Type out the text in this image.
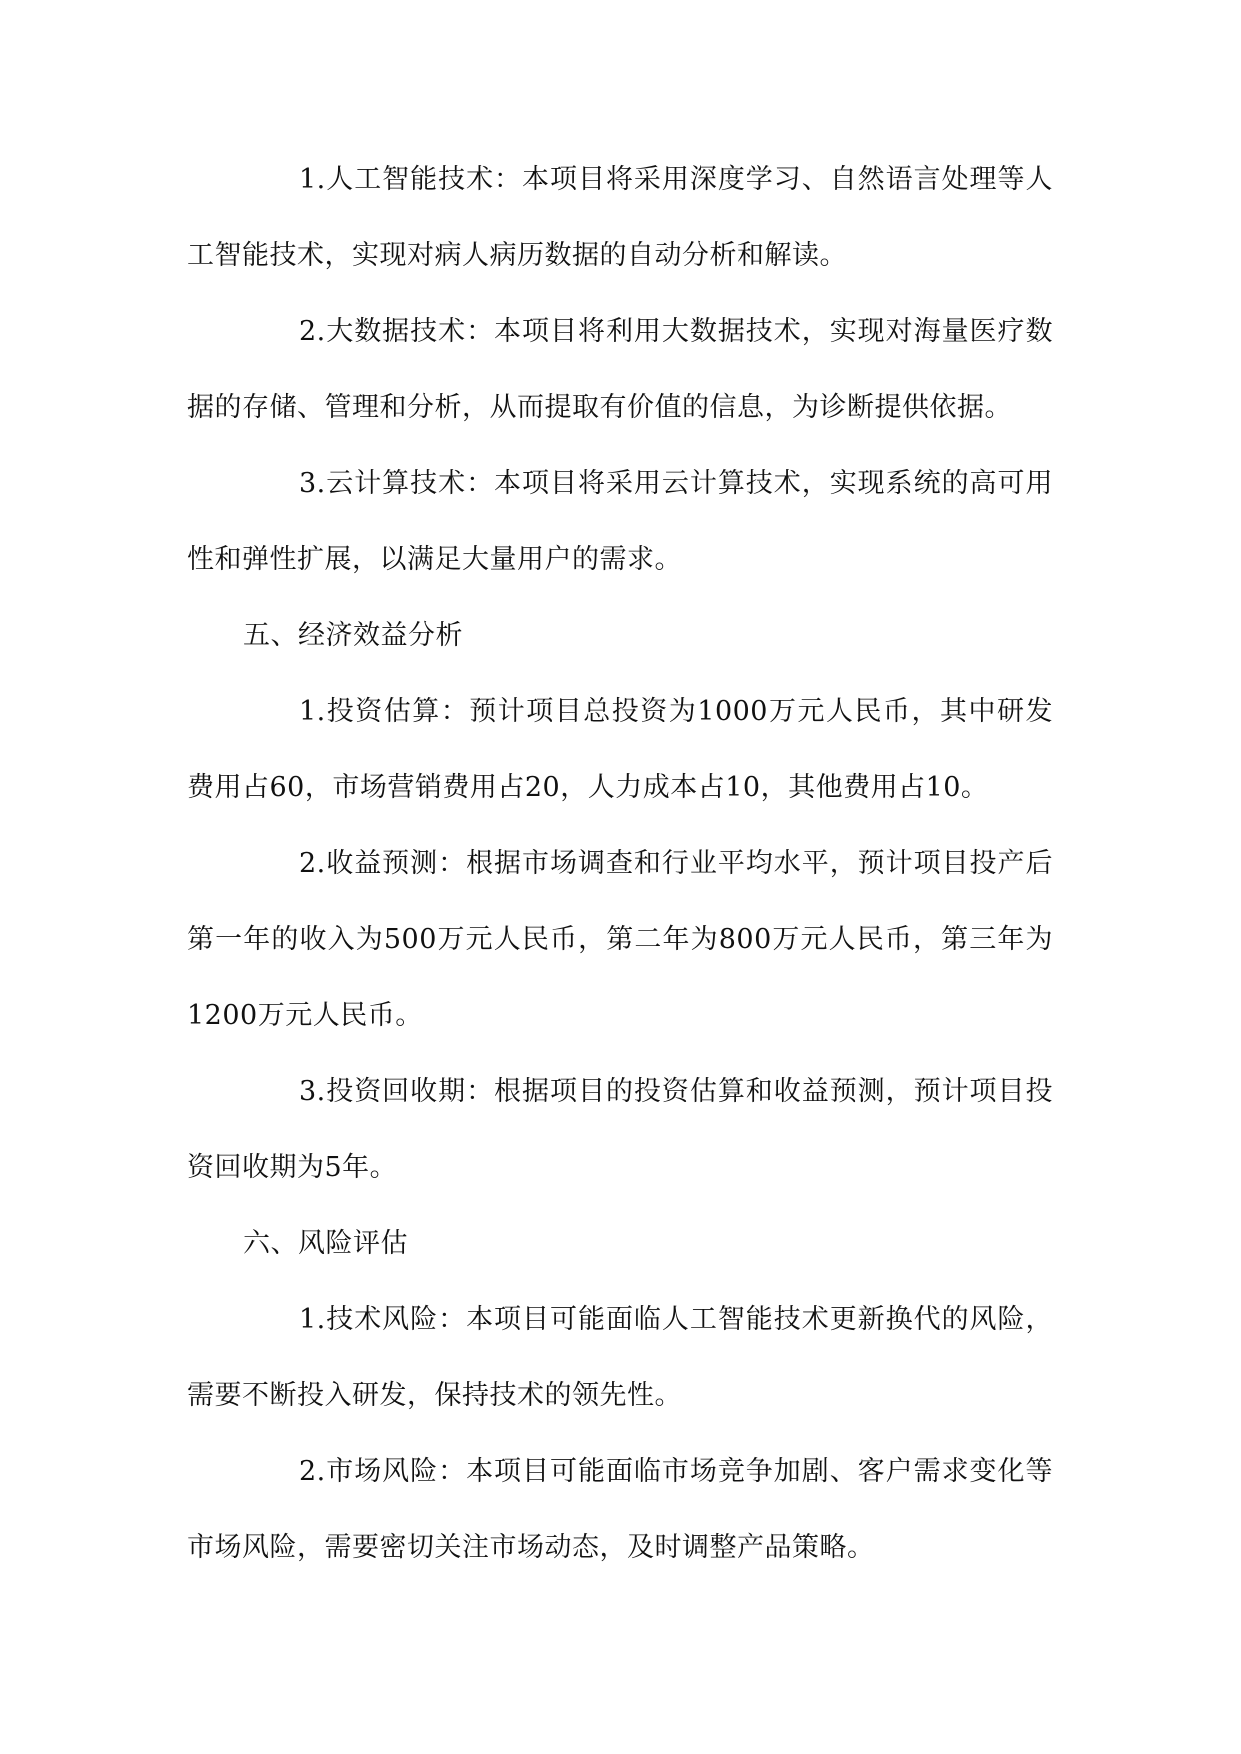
1.人工智能技术：本项目将采用深度学习、自然语言处理等人工智能技术，实现对病人病历数据的自动分析和解读。

2.大数据技术：本项目将利用大数据技术，实现对海量医疗数据的存储、管理和分析，从而提取有价值的信息，为诊断提供依据。

3.云计算技术：本项目将采用云计算技术，实现系统的高可用性和弹性扩展，以满足大量用户的需求。

五、经济效益分析

1.投资估算：预计项目总投资为1000万元人民币，其中研发费用占60，市场营销费用占20，人力成本占10，其他费用占10。

2.收益预测：根据市场调查和行业平均水平，预计项目投产后第一年的收入为500万元人民币，第二年为800万元人民币，第三年为1200万元人民币。

3.投资回收期：根据项目的投资估算和收益预测，预计项目投资回收期为5年。

六、风险评估

1.技术风险：本项目可能面临人工智能技术更新换代的风险，需要不断投入研发，保持技术的领先性。

2.市场风险：本项目可能面临市场竞争加剧、客户需求变化等市场风险，需要密切关注市场动态，及时调整产品策略。
